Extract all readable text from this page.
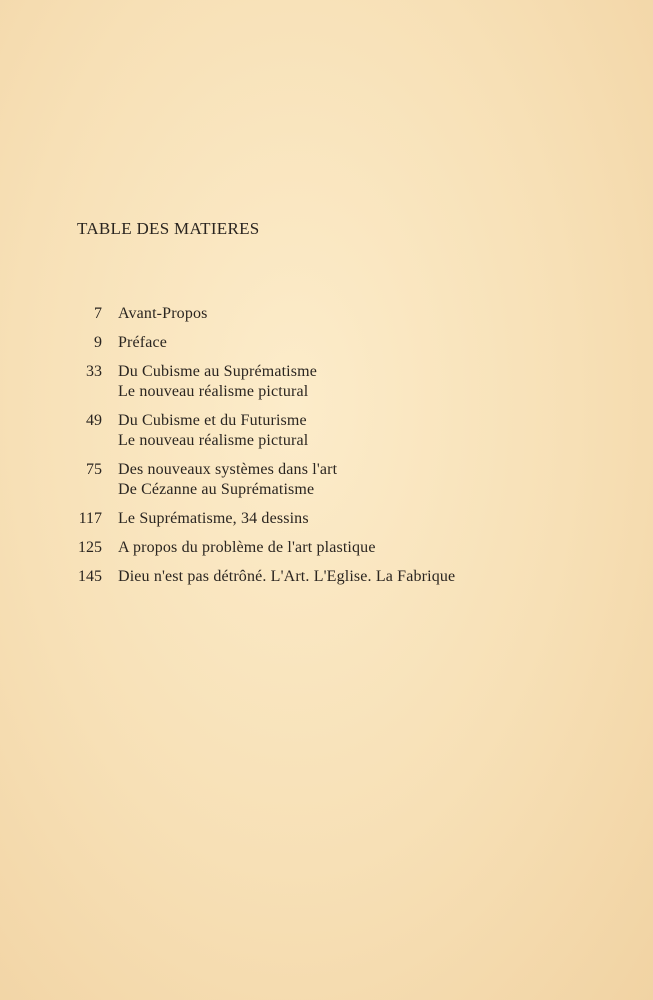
TABLE DES MATIERES
7	Avant-Propos
9	Préface
33	Du Cubisme au Suprématisme
Le nouveau réalisme pictural
49	Du Cubisme et du Futurisme
Le nouveau réalisme pictural
75	Des nouveaux systèmes dans l'art
De Cézanne au Suprématisme
117	Le Suprématisme, 34 dessins
125	A propos du problème de l'art plastique
145	Dieu n'est pas détrôné. L'Art. L'Eglise. La Fabrique
